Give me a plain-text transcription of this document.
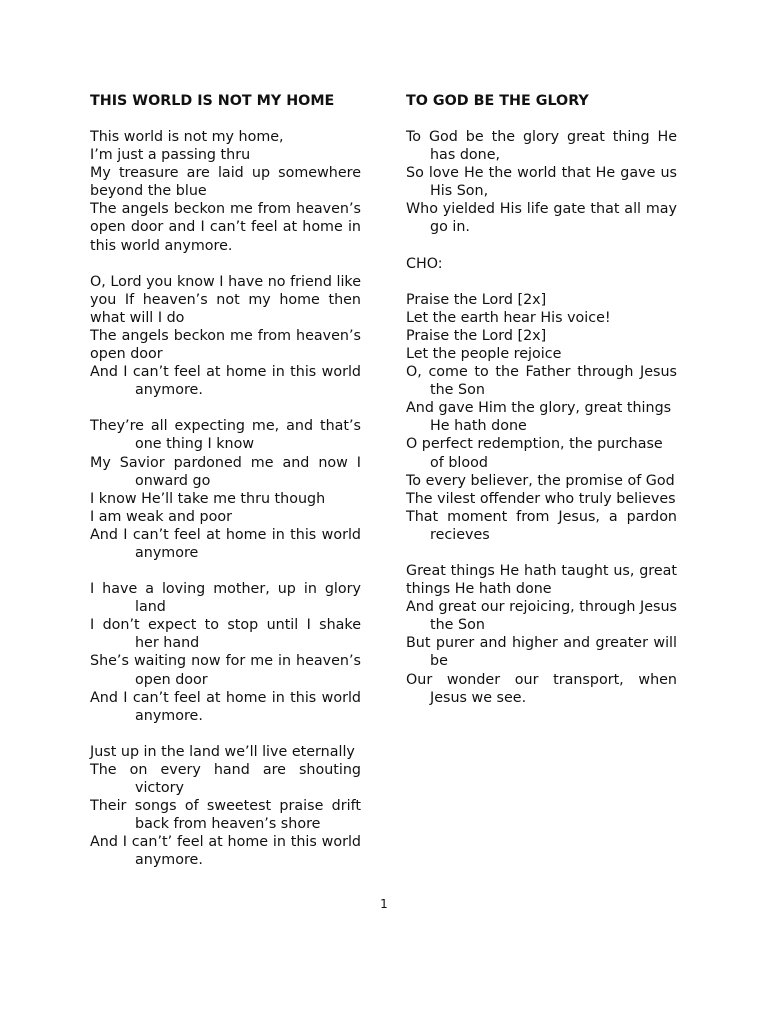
THIS WORLD IS NOT MY HOME
This world is not my home,
I’m just a passing thru
My treasure are laid up somewhere beyond the blue
The angels beckon me from heaven’s open door and I can’t feel at home in this world anymore.
O, Lord you know I have no friend like you If heaven’s not my home then what will I do
The angels beckon me from heaven’s open door
And I can’t feel at home in this world anymore.
They’re all expecting me, and that’s one thing I know
My Savior pardoned me and now I onward go
I know He’ll take me thru though
I am weak and poor
And I can’t feel at home in this world anymore
I have a loving mother, up in glory land
I don’t expect to stop until I shake her hand
She’s waiting now for me in heaven’s open door
And I can’t feel at home in this world anymore.
Just up in the land we’ll live eternally
The on every hand are shouting victory
Their songs of sweetest praise drift back from heaven’s shore
And I can’t’ feel at home in this world anymore.
TO GOD BE THE GLORY
To God be the glory great thing He has done,
So love He the world that He gave us His Son,
Who yielded His life gate that all may go in.
CHO:
Praise the Lord [2x]
Let the earth hear His voice!
Praise the Lord [2x]
Let the people rejoice
O, come to the Father through Jesus the Son
And gave Him the glory, great things
He hath done
O perfect redemption, the purchase
of blood
To every believer, the promise of God
The vilest offender who truly believes
That moment from Jesus, a pardon recieves
Great things He hath taught us, great things He hath done
And great our rejoicing, through Jesus the Son
But purer and higher and greater will be
Our wonder our transport, when Jesus we see.
1
